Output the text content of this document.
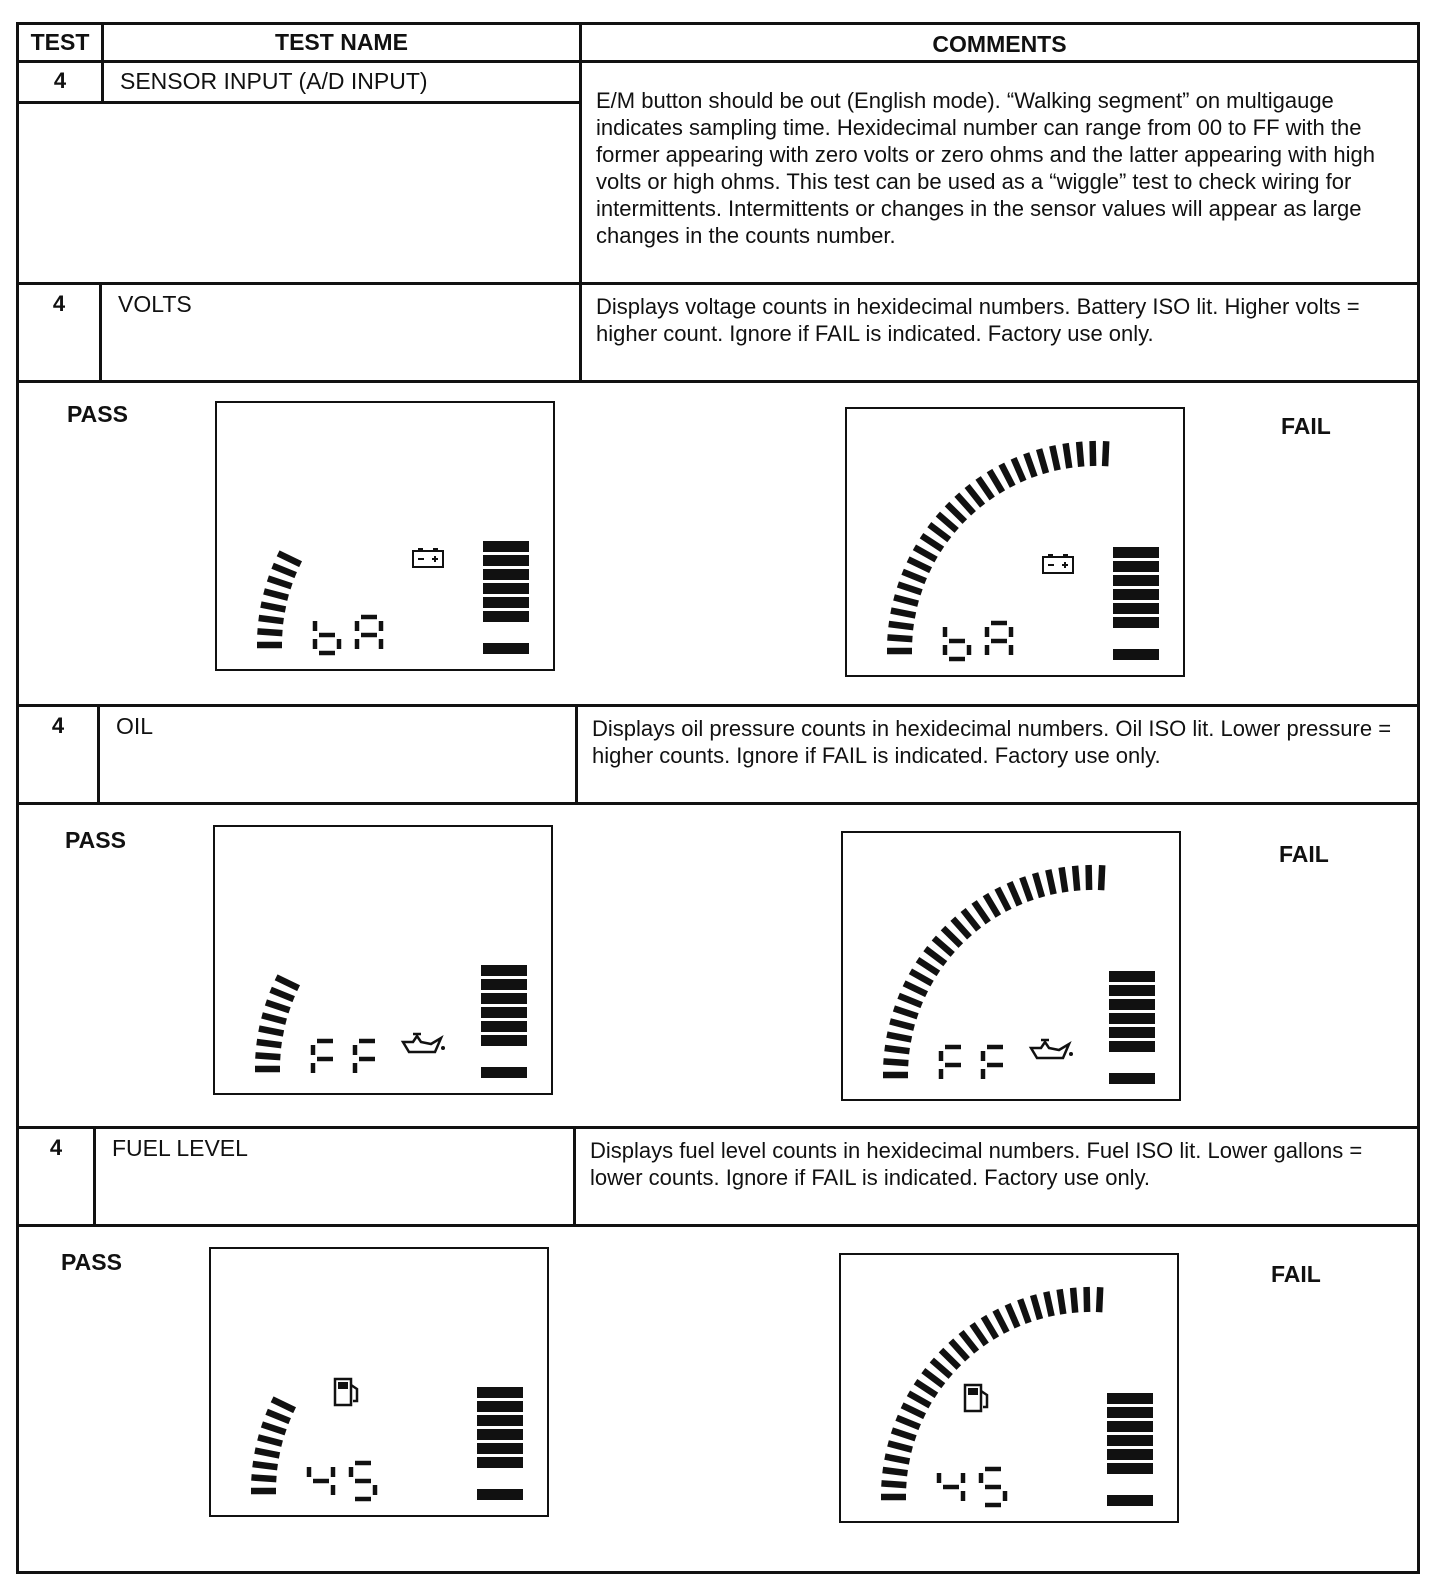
TEST	TEST NAME	COMMENTS
4	SENSOR INPUT (A/D INPUT)
E/M button should be out (English mode). “Walking segment” on multigauge indicates sampling time. Hexidecimal number can range from 00 to FF with the former appearing with zero volts or zero ohms and the latter appearing with high volts or high ohms. This test can be used as a “wiggle” test to check wiring for intermittents. Intermittents or changes in the sensor values will appear as large changes in the counts number.
4	VOLTS	Displays voltage counts in hexidecimal numbers. Battery ISO lit. Higher volts = higher count. Ignore if FAIL is indicated. Factory use only.
PASS	FAIL
4	OIL	Displays oil pressure counts in hexidecimal numbers. Oil ISO lit. Lower pressure = higher counts. Ignore if FAIL is indicated. Factory use only.
PASS
FAIL
4	FUEL LEVEL	Displays fuel level counts in hexidecimal numbers. Fuel ISO lit. Lower gallons = lower counts. Ignore if FAIL is indicated. Factory use only.
PASS	FAIL
